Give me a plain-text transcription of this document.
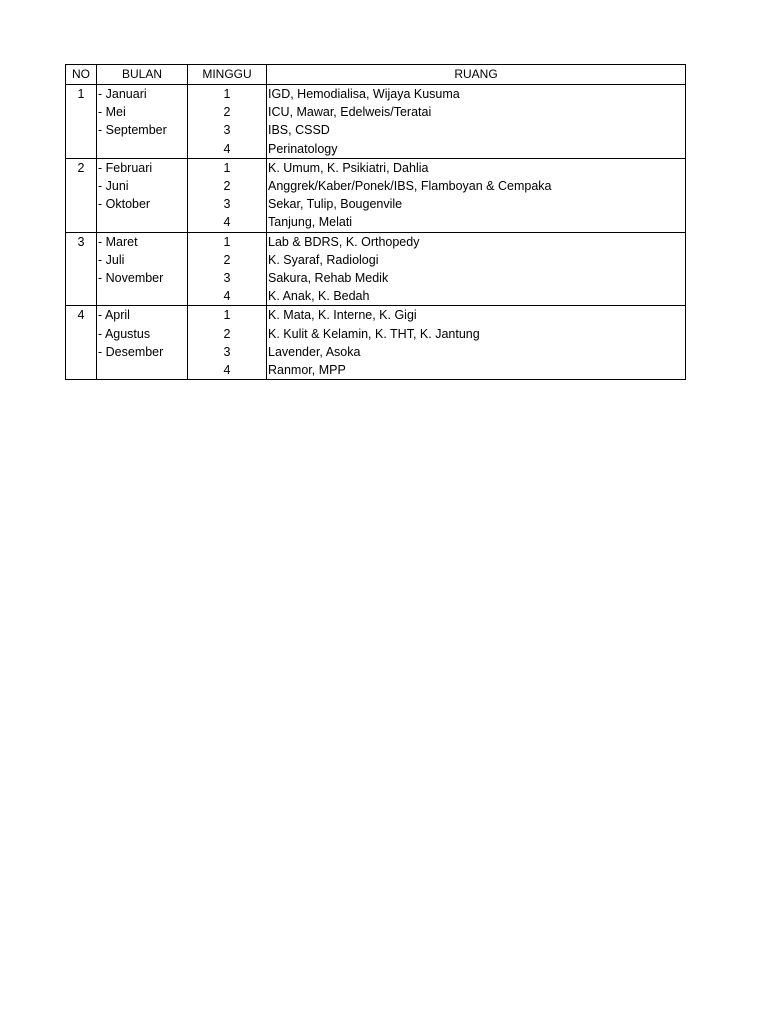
NO	BULAN	MINGGU	RUANG
1	- Januari	1	IGD, Hemodialisa, Wijaya Kusuma
	- Mei	2	ICU, Mawar, Edelweis/Teratai
	- September	3	IBS, CSSD
		4	Perinatology
2	- Februari	1	K. Umum, K. Psikiatri, Dahlia
	- Juni	2	Anggrek/Kaber/Ponek/IBS, Flamboyan & Cempaka
	- Oktober	3	Sekar, Tulip, Bougenvile
		4	Tanjung, Melati
3	- Maret	1	Lab & BDRS, K. Orthopedy
	- Juli	2	K. Syaraf, Radiologi
	- November	3	Sakura, Rehab Medik
		4	K. Anak, K. Bedah
4	- April	1	K. Mata, K. Interne, K. Gigi
	- Agustus	2	K. Kulit & Kelamin, K. THT, K. Jantung
	- Desember	3	Lavender, Asoka
		4	Ranmor, MPP
